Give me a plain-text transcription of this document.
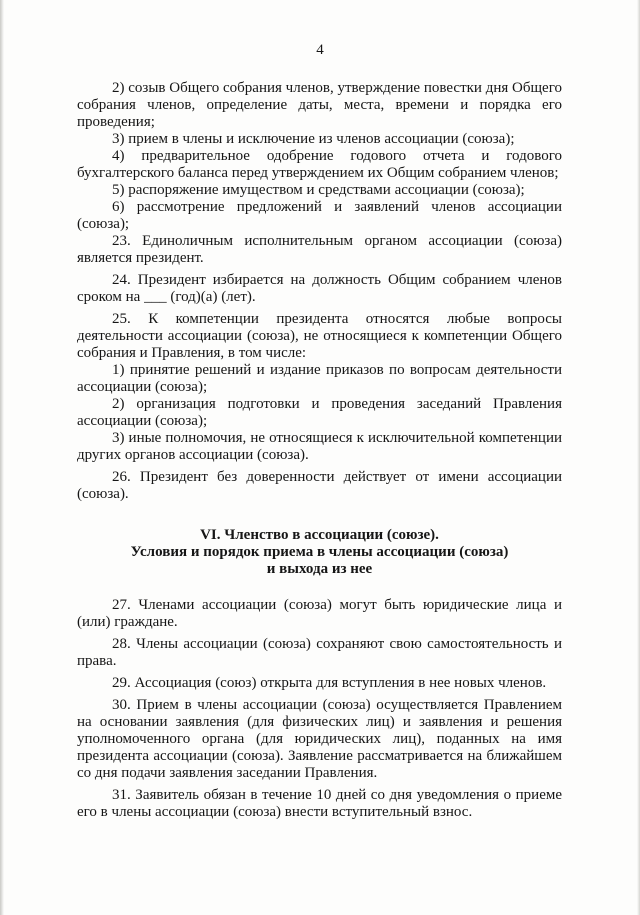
4

2) созыв Общего собрания членов, утверждение повестки дня Общего собрания членов, определение даты, места, времени и порядка его проведения;

3) прием в члены и исключение из членов ассоциации (союза);

4) предварительное одобрение годового отчета и годового бухгалтерского баланса перед утверждением их Общим собранием членов;

5) распоряжение имуществом и средствами ассоциации (союза);

6) рассмотрение предложений и заявлений членов ассоциации (союза);

23. Единоличным исполнительным органом ассоциации (союза) является президент.

24. Президент избирается на должность Общим собранием членов сроком на ___ (год)(а) (лет).

25. К компетенции президента относятся любые вопросы деятельности ассоциации (союза), не относящиеся к компетенции Общего собрания и Правления, в том числе:

1) принятие решений и издание приказов по вопросам деятельности ассоциации (союза);

2) организация подготовки и проведения заседаний Правления ассоциации (союза);

3) иные полномочия, не относящиеся к исключительной компетенции других органов ассоциации (союза).

26. Президент без доверенности действует от имени ассоциации (союза).

VI. Членство в ассоциации (союзе).
Условия и порядок приема в члены ассоциации (союза)
и выхода из нее

27. Членами ассоциации (союза) могут быть юридические лица и (или) граждане.

28. Члены ассоциации (союза) сохраняют свою самостоятельность и права.

29. Ассоциация (союз) открыта для вступления в нее новых членов.

30. Прием в члены ассоциации (союза) осуществляется Правлением на основании заявления (для физических лиц) и заявления и решения уполномоченного органа (для юридических лиц), поданных на имя президента ассоциации (союза). Заявление рассматривается на ближайшем со дня подачи заявления заседании Правления.

31. Заявитель обязан в течение 10 дней со дня уведомления о приеме его в члены ассоциации (союза) внести вступительный взнос.
